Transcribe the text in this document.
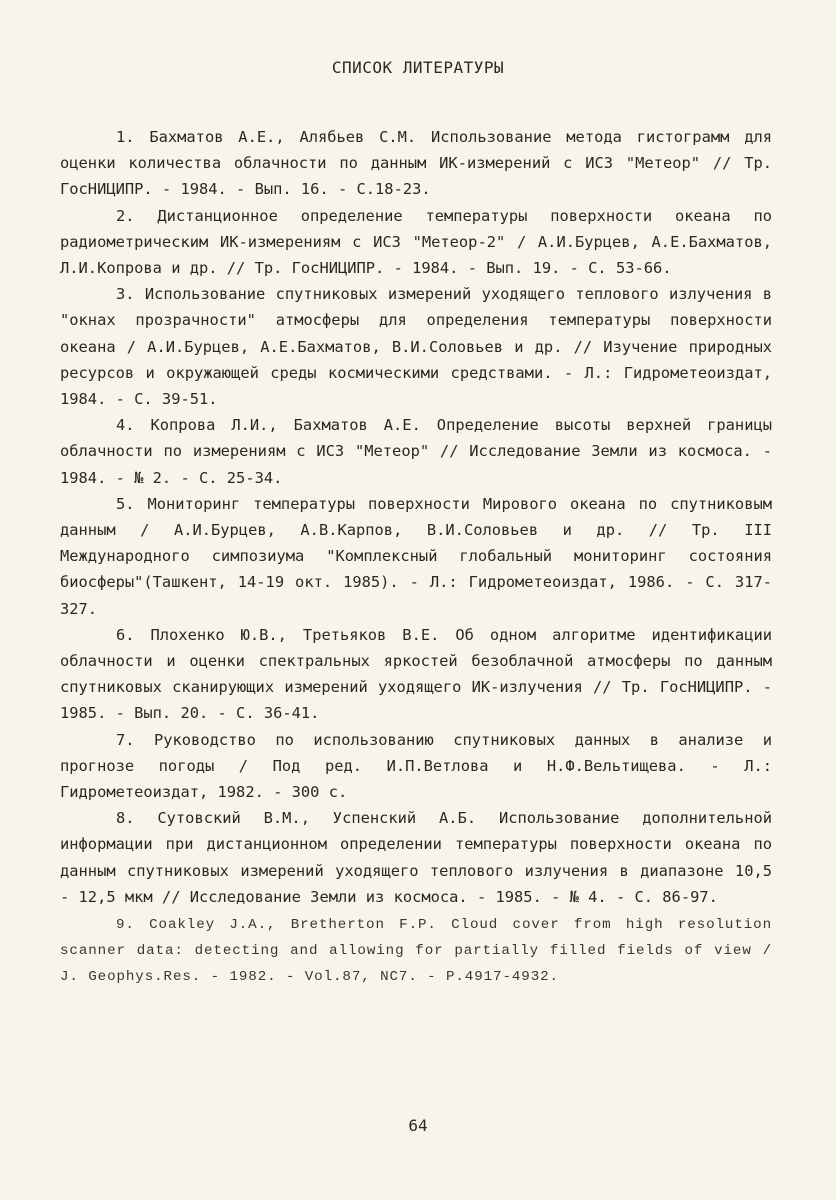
СПИСОК ЛИТЕРАТУРЫ

1. Бахматов А.Е., Алябьев С.М. Использование метода гистограмм для оценки количества облачности по данным ИК-измерений с ИСЗ "Метеор" // Тр. ГосНИЦИПР. - 1984. - Вып. 16. - С.18-23.

2. Дистанционное определение температуры поверхности океана по радиометрическим ИК-измерениям с ИСЗ "Метеор-2" / А.И.Бурцев, А.Е.Бахматов, Л.И.Копрова и др. // Тр. ГосНИЦИПР. - 1984. - Вып. 19. - С. 53-66.

3. Использование спутниковых измерений уходящего теплового излучения в "окнах прозрачности" атмосферы для определения температуры поверхности океана / А.И.Бурцев, А.Е.Бахматов, В.И.Соловьев и др. // Изучение природных ресурсов и окружающей среды космическими средствами. - Л.: Гидрометеоиздат, 1984. - С. 39-51.

4. Копрова Л.И., Бахматов А.Е. Определение высоты верхней границы облачности по измерениям с ИСЗ "Метеор" // Исследование Земли из космоса. - 1984. - № 2. - С. 25-34.

5. Мониторинг температуры поверхности Мирового океана по спутниковым данным / А.И.Бурцев, А.В.Карпов, В.И.Соловьев и др. // Тр. III Международного симпозиума "Комплексный глобальный мониторинг состояния биосферы"(Ташкент, 14-19 окт. 1985). - Л.: Гидрометеоиздат, 1986. - С. 317-327.

6. Плохенко Ю.В., Третьяков В.Е. Об одном алгоритме идентификации облачности и оценки спектральных яркостей безоблачной атмосферы по данным спутниковых сканирующих измерений уходящего ИК-излучения // Тр. ГосНИЦИПР. - 1985. - Вып. 20. - С. 36-41.

7. Руководство по использованию спутниковых данных в анализе и прогнозе погоды / Под ред. И.П.Ветлова и Н.Ф.Вельтищева. - Л.: Гидрометеоиздат, 1982. - 300 с.

8. Сутовский В.М., Успенский А.Б. Использование дополнительной информации при дистанционном определении температуры поверхности океана по данным спутниковых измерений уходящего теплового излучения в диапазоне 10,5 - 12,5 мкм // Исследование Земли из космоса. - 1985. - № 4. - С. 86-97.

9. Coakley J.A., Bretherton F.P. Cloud cover from high resolution scanner data: detecting and allowing for partially filled fields of view / J. Geophys.Res. - 1982. - Vol.87, NC7. - P.4917-4932.

64
